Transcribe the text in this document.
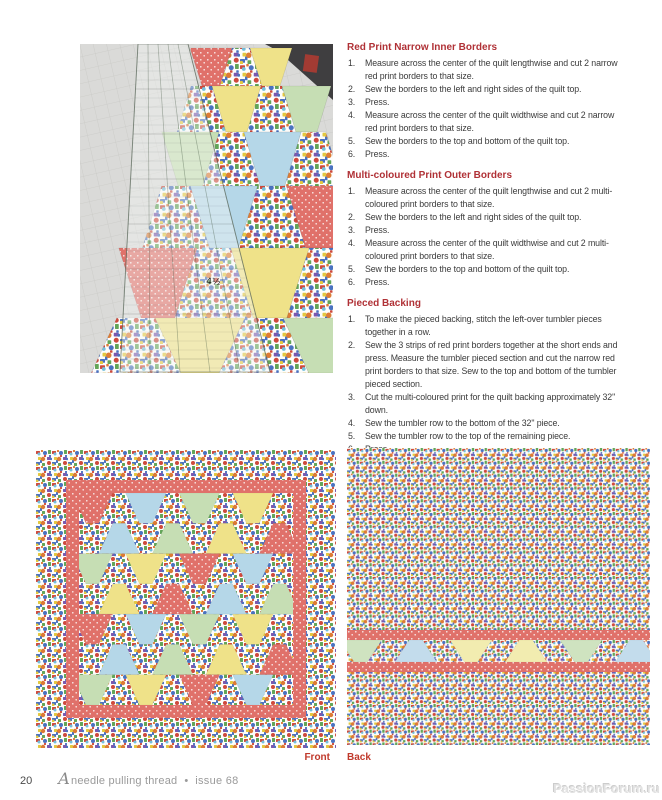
4½
Red Print Narrow Inner Borders
Measure across the center of the quilt lengthwise and cut 2 narrow red print borders to that size.
Sew the borders to the left and right sides of the quilt top.
Press.
Measure across the center of the quilt widthwise and cut 2 narrow red print borders to that size.
Sew the borders to the top and bottom of the quilt top.
Press.
Multi-coloured Print Outer Borders
Measure across the center of the quilt lengthwise and cut 2 multi-coloured print borders to that size.
Sew the borders to the left and right sides of the quilt top.
Press.
Measure across the center of the quilt widthwise and cut 2 multi-coloured print borders to that size.
Sew the borders to the top and bottom of the quilt top.
Press.
Pieced Backing
To make the pieced backing, stitch the left-over tumbler pieces together in a row.
Sew the 3 strips of red print borders together at the short ends and press. Measure the tumbler pieced section and cut the narrow red print borders to that size. Sew to the top and bottom of the tumbler pieced section.
Cut the multi-coloured print for the quilt backing approximately 32" down.
Sew the tumbler row to the bottom of the 32" piece.
Sew the tumbler row to the top of the remaining piece.
Front Back
20 Aneedle pulling thread • issue 68	PassionForum.ru
